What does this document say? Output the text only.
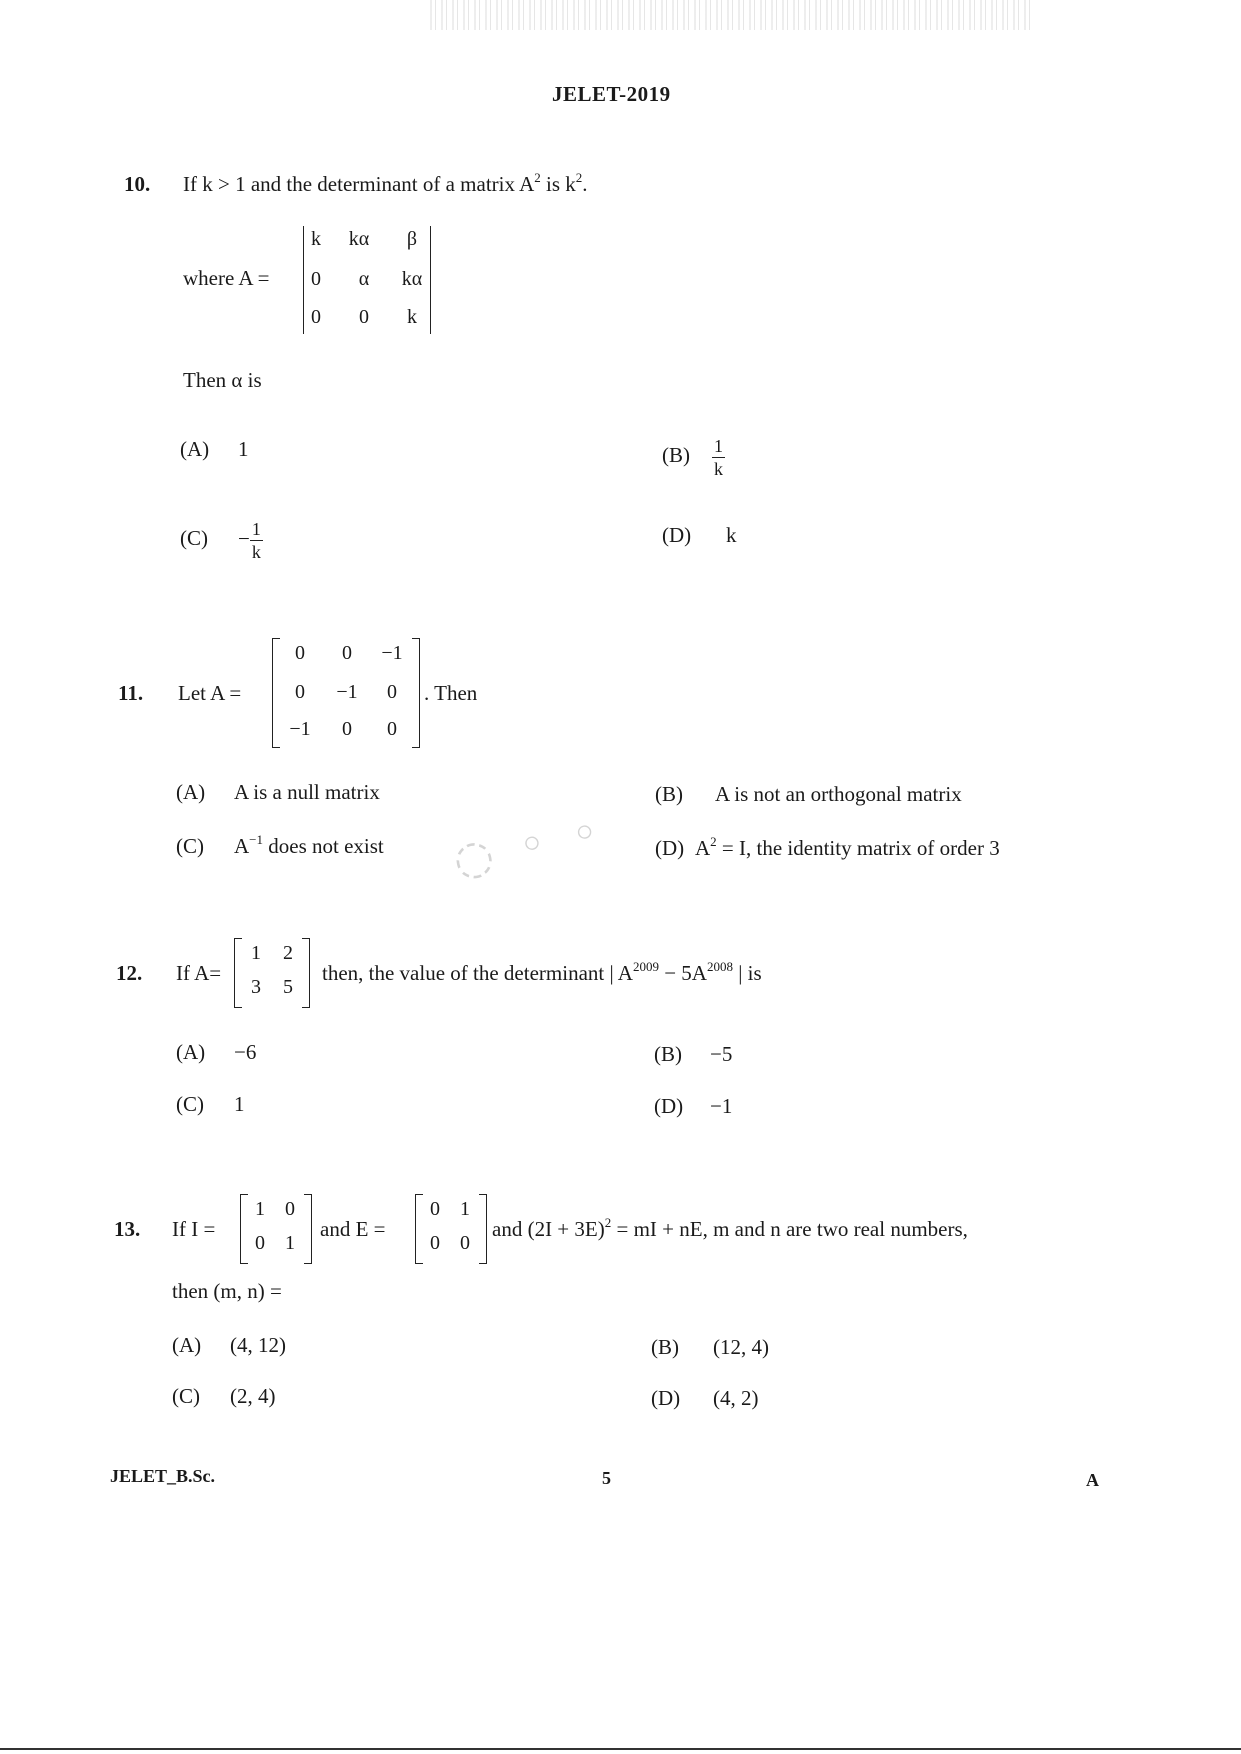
JELET-2019
10. If k > 1 and the determinant of a matrix $A^2$ is $k^2$.
where A =
k	kα	β
0	α	kα
0	0	k
Then α is
(A) 1	$(B) \frac{1}{k}$
$(C) - \frac{1}{k}$	(D) k
11. Let A =
0	0	−1
0	−1	0
−1	0	0
. Then
(A) A is a null matrix	(B) A is not an orthogonal matrix
(C) $A^{-1}$ does not exist	(D) $A^2 = I$, the identity matrix of order 3
◌ ◦ ◦
12. If A=
1	2
3	5
then, the value of the determinant | $A^{2009} - 5A^{2008}$ | is
(A) −6	(B) −5
(C) 1	(D) −1
13. If I =
1	0
0	1
and E =
0	1
0	0
and $(2I + 3E)^2$ = mI + nE, m and n are two real numbers,
then (m, n) =
(A) (4, 12)	(B) (12, 4)
(C) (2, 4)	(D) (4, 2)
JELET_B.Sc.	5	A
